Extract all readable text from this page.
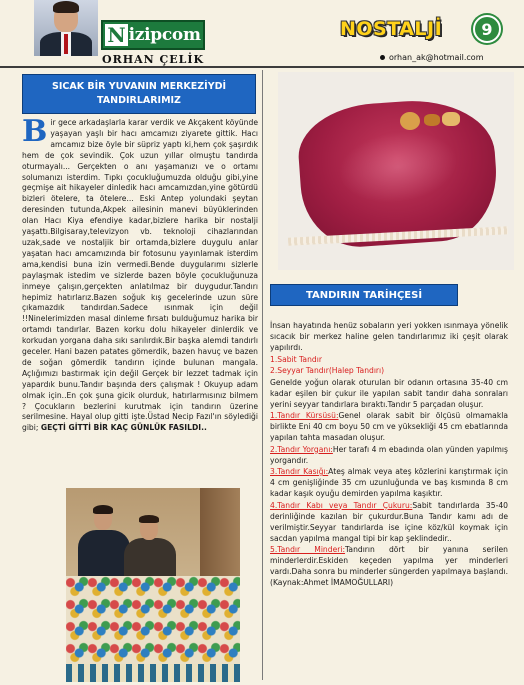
N izipcom
ORHAN ÇELİK
NOSTALJİ	9
orhan_ak@hotmail.com
SICAK BİR YUVANIN MERKEZİYDİ TANDIRLARIMIZ
B ir gece arkadaşlarla karar verdik ve Akçakent köyünde yaşayan yaşlı bir hacı amcamızı ziyarete gittik. Hacı amcamız bize öyle bir süpriz yaptı ki,hem çok şaşırdık hem de çok sevindik. Çok uzun yıllar olmuştu tandırda oturmayalı... Gerçekten o anı yaşamanızı ve o ortamı solumanızı isterdim. Tıpkı çocukluğumuzda olduğu gibi,yine geçmişe ait hikayeler dinledik hacı amcamızdan,yine götürdü bizleri ötelere, ta ötelere... Eski Antep yolundaki şeytan deresinden tutunda,Akpek ailesinin manevi büyüklerinden olan Hacı Kiya efendiye kadar,bizlere harika bir nostalji yaşattı.Bilgisaray,televizyon vb. teknoloji cihazlarından uzak,sade ve nostaljik bir ortamda,bizlere duygulu anlar yaşatan hacı amcamızında bir fotosunu yayınlamak isterdim ama,kendisi buna izin vermedi.Bende duygularımı sizlerle paylaşmak istedim ve sizlerde bazen böyle çocukluğunuza inmeye çalışın,gerçekten anlatılmaz bir duygudur.Tandırı hepimiz hatırlarız.Bazen soğuk kış gecelerinde uzun süre çıkamazdık tandırdan.Sadece ısınmak için değil !!Ninelerimizden masal dinleme fırsatı bulduğumuz harika bir ortamdı tandırlar. Bazen korku dolu hikayeler dinlerdik ve korkudan yorgana daha sıkı sarılırdık.Bir başka alemdi tandırlı geceler. Hani bazen patates gömerdik, bazen havuç ve bazen de soğan gömerdik tandırın içinde bulunan mangala. Açlığımızı bastırmak için değil Gerçek bir lezzet tadmak için yapardık bunu.Tandır başında ders çalışmak ! Okuyup adam olmak için..En çok şuna gicik olurduk, hatırlarmısınız bilmem ? Çocukların bezlerini kurutmak için tandırın üzerine serilmesine. Hayal olup gitti işte.Üstad Necip Fazıl'ın söylediği gibi; GEÇTİ GİTTİ BİR KAÇ GÜNLÜK FASILDI..
TANDIRIN TARİHÇESİ

İnsan hayatında henüz sobaların yeri yokken ısınmaya yönelik sıcacık bir merkez haline gelen tandırlarımız iki çeşit olarak yapılırdı.

1.Sabit Tandır

2.Seyyar Tandır(Halep Tandırı)

Genelde yoğun olarak oturulan bir odanın ortasına 35-40 cm kadar eşilen bir çukur ile yapılan sabit tandır daha sonraları yerini seyyar tandırlara bıraktı.Tandır 5 parçadan oluşur.

1.Tandır Kürsüsü:Genel olarak sabit bir ölçüsü olmamakla birlikte Eni 40 cm boyu 50 cm ve yüksekliği 45 cm ebatlarında yapılan tahta masadan oluşur.

2.Tandır Yorganı:Her tarafı 4 m ebadında olan yünden yapılmış yorgandır.

3.Tandır Kasığı:Ateş almak veya ateş közlerini karıştırmak için 4 cm genişliğinde 35 cm uzunluğunda ve baş kısmında 8 cm kadar kaşık oyuğu demirden yapılma kaşıktır.

4.Tandır Kabı veya Tandır Çukuru:Sabit tandırlarda 35-40 derinliğinde kazılan bir çukurdur.Buna Tandır kamı adı de verilmiştir.Seyyar tandırlarda ise içine köz/kül koymak için sacdan yapılma mangal tipi bir kap şeklindedir..

5.Tandır Minderi:Tandırın dört bir yanına serilen minderlerdir.Eskiden keçeden yapılma yer minderleri vardı.Daha sonra bu minderler süngerden yapılmaya başlandı.(Kaynak:Ahmet İMAMOĞULLARI)
